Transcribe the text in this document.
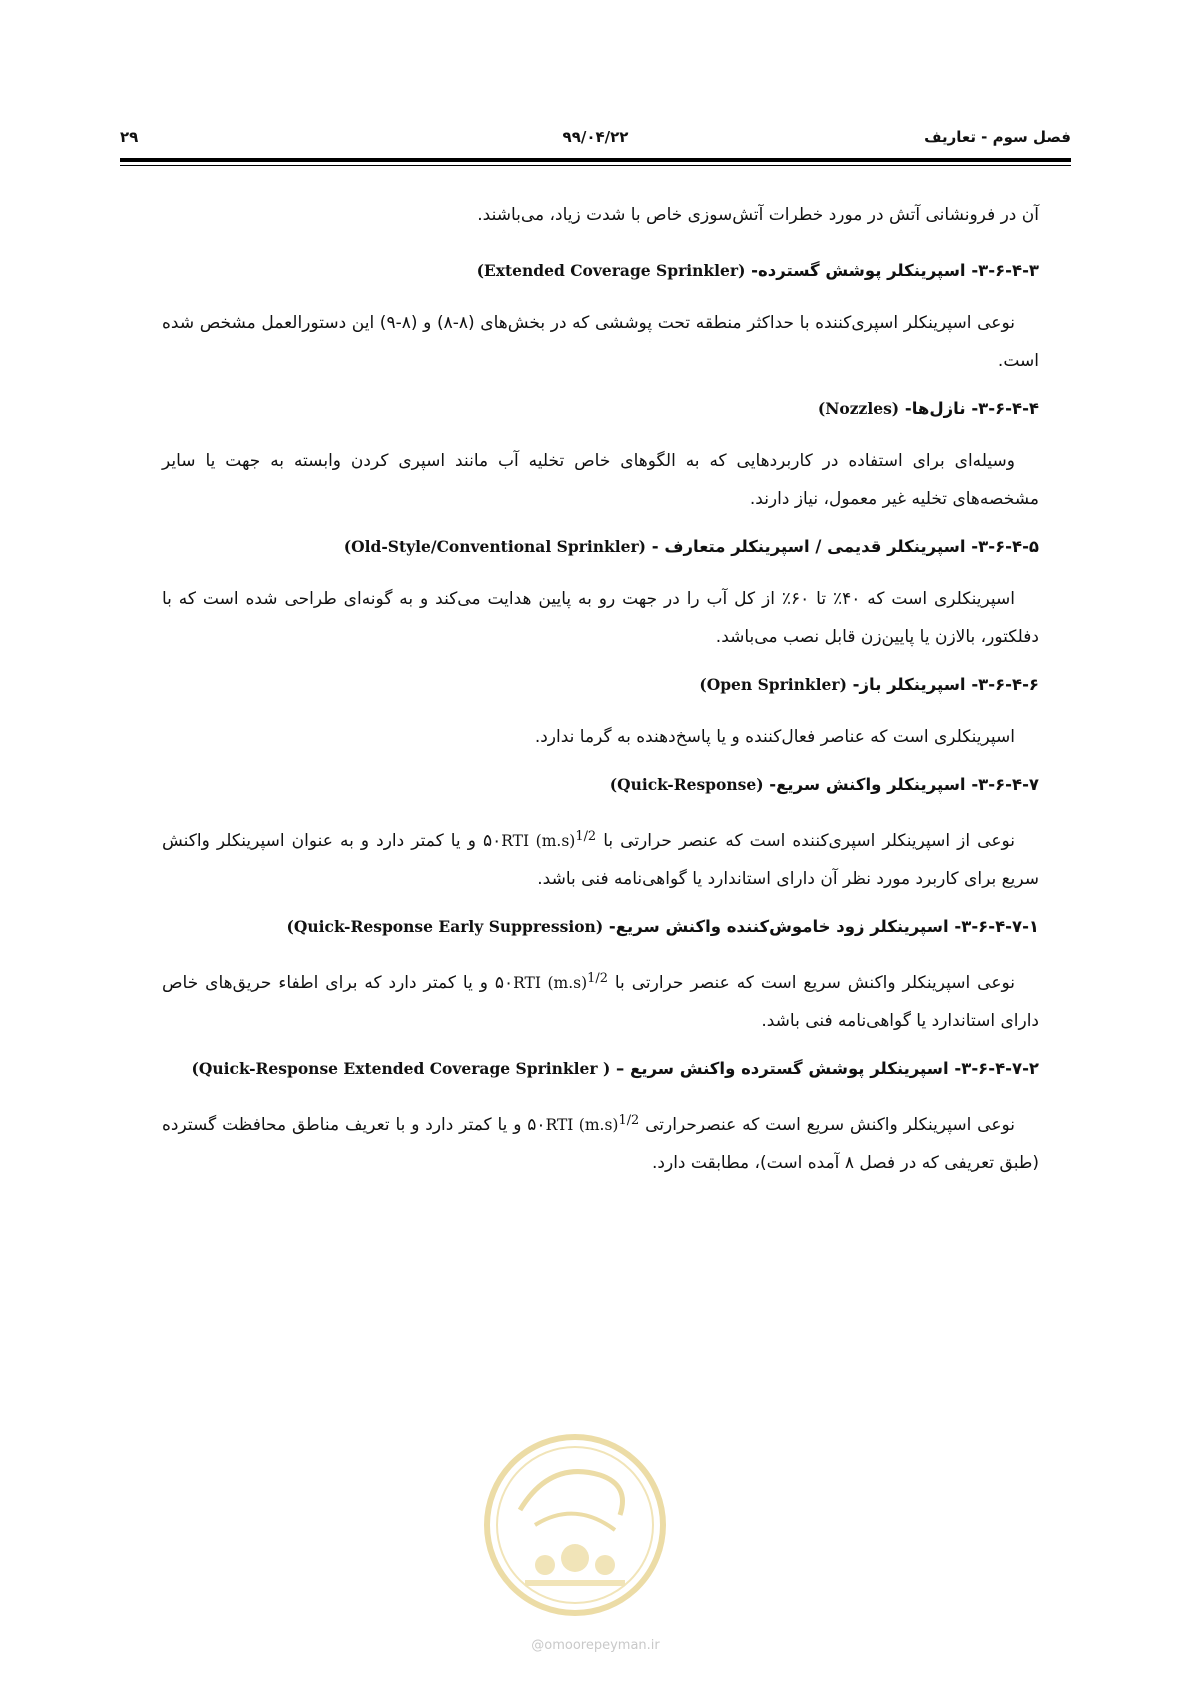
فصل سوم - تعاریف
۹۹/۰۴/۲۲
۲۹

آن در فرونشانی آتش در مورد خطرات آتش‌سوزی خاص با شدت زیاد، می‌باشند.

۳-۶-۴-۳- اسپرینکلر پوشش گسترده- (Extended Coverage Sprinkler)

نوعی اسپرینکلر اسپری‌کننده با حداکثر منطقه تحت پوششی که در بخش‌های (۸-۸) و (۸-۹) این دستورالعمل مشخص شده است.

۳-۶-۴-۴- نازل‌ها- (Nozzles)

وسیله‌ای برای استفاده در کاربردهایی که به الگوهای خاص تخلیه آب مانند اسپری کردن وابسته به جهت یا سایر مشخصه‌های تخلیه غیر معمول، نیاز دارند.

۳-۶-۴-۵- اسپرینکلر قدیمی / اسپرینکلر متعارف - (Old-Style/Conventional Sprinkler)

اسپرینکلری است که ۴۰٪ تا ۶۰٪ از کل آب را در جهت رو به پایین هدایت می‌کند و به گونه‌ای طراحی شده است که با دفلکتور، بالازن یا پایین‌زن قابل نصب می‌باشد.

۳-۶-۴-۶- اسپرینکلر باز- (Open Sprinkler)

اسپرینکلری است که عناصر فعال‌کننده و یا پاسخ‌دهنده به گرما ندارد.

۳-۶-۴-۷- اسپرینکلر واکنش سریع- (Quick-Response)

نوعی از اسپرینکلر اسپری‌کننده است که عنصر حرارتی با RTI $(m.s)^{1/2}۵۰$ و یا کمتر دارد و به عنوان اسپرینکلر واکنش سریع برای کاربرد مورد نظر آن دارای استاندارد یا گواهی‌نامه فنی باشد.

۳-۶-۴-۷-۱- اسپرینکلر زود خاموش‌کننده واکنش سریع- (Quick-Response Early Suppression)

نوعی اسپرینکلر واکنش سریع است که عنصر حرارتی با RTI $(m.s)^{1/2}۵۰$ و یا کمتر دارد که برای اطفاء حریق‌های خاص دارای استاندارد یا گواهی‌نامه فنی باشد.

۳-۶-۴-۷-۲- اسپرینکلر پوشش گسترده واکنش سریع – ( Quick-Response Extended Coverage Sprinkler)

نوعی اسپرینکلر واکنش سریع است که عنصرحرارتی RTI $(m.s)^{1/2}۵۰$ و یا کمتر دارد و با تعریف مناطق محافظت گسترده (طبق تعریفی که در فصل ۸ آمده است)، مطابقت دارد.

@omoorepeyman.ir
